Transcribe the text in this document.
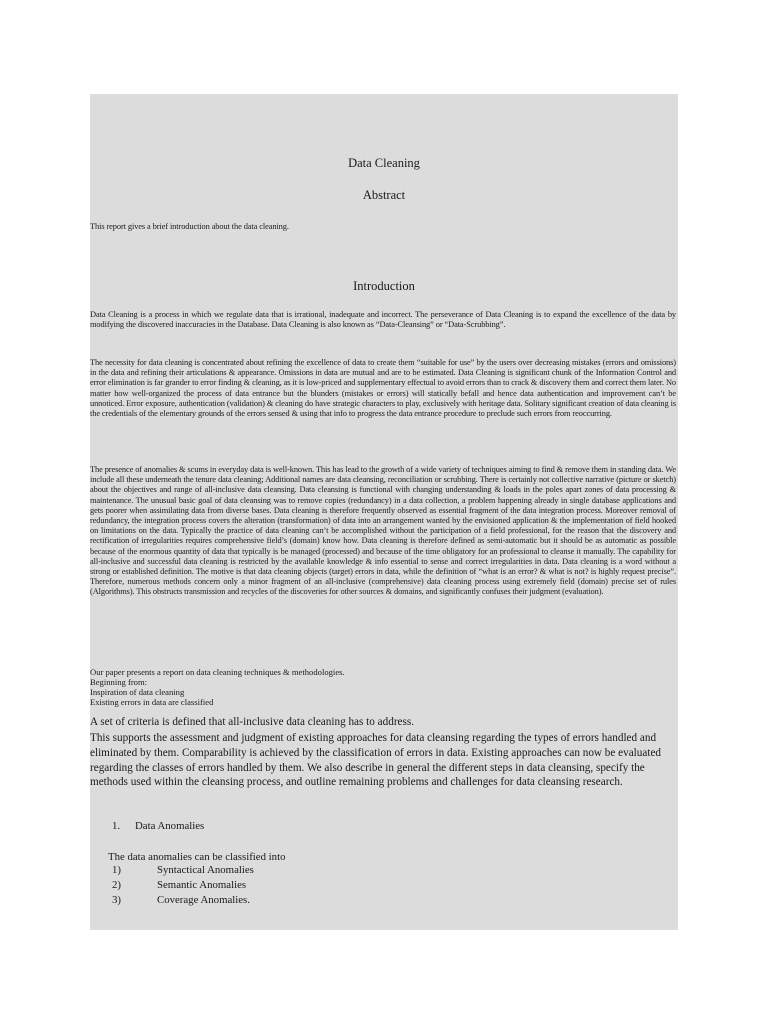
Data Cleaning

Abstract

This report gives a brief introduction about the data cleaning.

Introduction

Data Cleaning is a process in which we regulate data that is irrational, inadequate and incorrect. The perseverance of Data Cleaning is to expand the excellence of the data by modifying the discovered inaccuracies in the Database. Data Cleaning is also known as “Data-Cleansing” or “Data-Scrubbing”.

The necessity for data cleaning is concentrated about refining the excellence of data to create them “suitable for use” by the users over decreasing mistakes (errors and omissions) in the data and refining their articulations & appearance. Omissions in data are mutual and are to be estimated. Data Cleaning is significant chunk of the Information Control and error elimination is far grander to error finding & cleaning, as it is low-priced and supplementary effectual to avoid errors than to crack & discovery them and correct them later. No matter how well-organized the process of data entrance but the blunders (mistakes or errors) will statically befall and hence data authentication and improvement can’t be unnoticed. Error exposure, authentication (validation) & cleaning do have strategic characters to play, exclusively with heritage data. Solitary significant creation of data cleaning is the credentials of the elementary grounds of the errors sensed & using that info to progress the data entrance procedure to preclude such errors from reoccurring.

The presence of anomalies & scums in everyday data is well-known. This has lead to the growth of a wide variety of techniques aiming to find & remove them in standing data. We include all these underneath the tenure data cleaning; Additional names are data cleansing, reconciliation or scrubbing. There is certainly not collective narrative (picture or sketch) about the objectives and range of all-inclusive data cleansing. Data cleansing is functional with changing understanding & loads in the poles apart zones of data processing & maintenance. The unusual basic goal of data cleansing was to remove copies (redundancy) in a data collection, a problem happening already in single database applications and gets poorer when assimilating data from diverse bases. Data cleaning is therefore frequently observed as essential fragment of the data integration process. Moreover removal of redundancy, the integration process covers the alteration (transformation) of data into an arrangement wanted by the envisioned application & the implementation of field hooked on limitations on the data. Typically the practice of data cleaning can’t be accomplished without the participation of a field professional, for the reason that the discovery and rectification of irregularities requires comprehensive field’s (domain) know how. Data cleaning is therefore defined as semi-automatic but it should be as automatic as possible because of the enormous quantity of data that typically is be managed (processed) and because of the time obligatory for an professional to cleanse it manually. The capability for all-inclusive and successful data cleaning is restricted by the available knowledge & info essential to sense and correct irregularities in data. Data cleaning is a word without a strong or established definition. The motive is that data cleaning objects (target) errors in data, while the definition of “what is an error? & what is not? is highly request precise”. Therefore, numerous methods concern only a minor fragment of an all-inclusive (comprehensive) data cleaning process using extremely field (domain) precise set of rules (Algorithms). This obstructs transmission and recycles of the discoveries for other sources & domains, and significantly confuses their judgment (evaluation).

Our paper presents a report on data cleaning techniques & methodologies.
Beginning from:
Inspiration of data cleaning
Existing errors in data are classified

A set of criteria is defined that all-inclusive data cleaning has to address.

This supports the assessment and judgment of existing approaches for data cleansing regarding the types of errors handled and eliminated by them. Comparability is achieved by the classification of errors in data. Existing approaches can now be evaluated regarding the classes of errors handled by them. We also describe in general the different steps in data cleansing, specify the methods used within the cleansing process, and outline remaining problems and challenges for data cleansing research.

1. Data Anomalies

The data anomalies can be classified into

1)	Syntactical Anomalies
2)	Semantic Anomalies
3)	Coverage Anomalies.
